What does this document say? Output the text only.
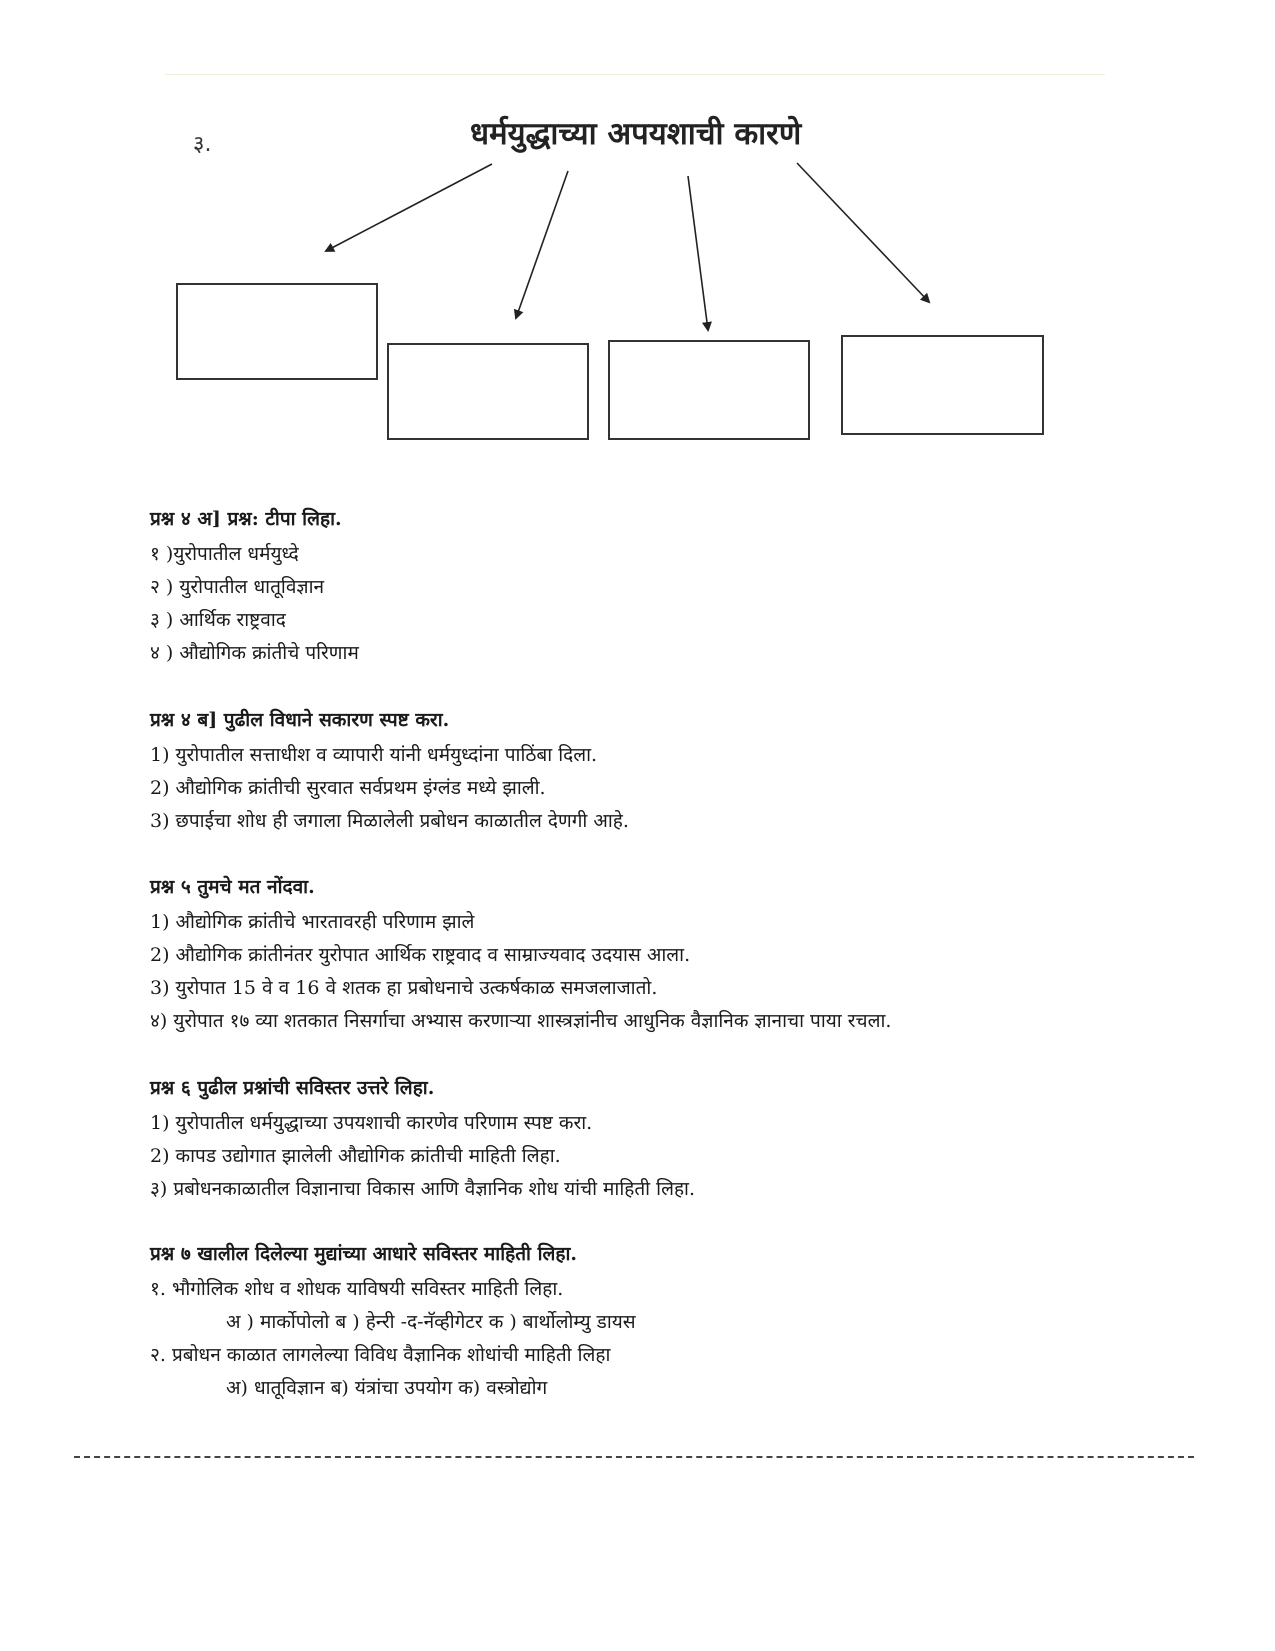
३.	धर्मयुद्धाच्या अपयशाची कारणे

प्रश्न ४ अ] प्रश्न: टीपा लिहा.

१ )युरोपातील धर्मयुध्दे

२ ) युरोपातील धातूविज्ञान

३ ) आर्थिक राष्ट्रवाद

४ ) औद्योगिक क्रांतीचे परिणाम

प्रश्न ४ ब] पुढील विधाने सकारण स्पष्ट करा.

1) युरोपातील सत्ताधीश व व्यापारी यांनी धर्मयुध्दांना पाठिंबा दिला.

2) औद्योगिक क्रांतीची सुरवात सर्वप्रथम इंग्लंड मध्ये झाली.

3) छपाईचा शोध ही जगाला मिळालेली प्रबोधन काळातील देणगी आहे.

प्रश्न ५ तुमचे मत नोंदवा.

1) औद्योगिक क्रांतीचे भारतावरही परिणाम झाले

2) औद्योगिक क्रांतीनंतर युरोपात आर्थिक राष्ट्रवाद व साम्राज्यवाद उदयास आला.

3) युरोपात 15 वे व 16 वे शतक हा प्रबोधनाचे उत्कर्षकाळ समजलाजातो.

४) युरोपात १७ व्या शतकात निसर्गाचा अभ्यास करणाऱ्या शास्त्रज्ञांनीच आधुनिक वैज्ञानिक ज्ञानाचा पाया रचला.

प्रश्न ६ पुढील प्रश्नांची सविस्तर उत्तरे लिहा.

1) युरोपातील धर्मयुद्धाच्या उपयशाची कारणेव परिणाम स्पष्ट करा.

2) कापड उद्योगात झालेली औद्योगिक क्रांतीची माहिती लिहा.

३) प्रबोधनकाळातील विज्ञानाचा विकास आणि वैज्ञानिक शोध यांची माहिती लिहा.

प्रश्न ७ खालील दिलेल्या मुद्यांच्या आधारे सविस्तर माहिती लिहा.

१. भौगोलिक शोध व शोधक याविषयी सविस्तर माहिती लिहा.

अ ) मार्कोपोलो ब ) हेन्‍री -द-नॅव्हीगेटर क ) बार्थोलोम्यु डायस

२. प्रबोधन काळात लागलेल्या विविध वैज्ञानिक शोधांची माहिती लिहा

अ) धातूविज्ञान ब) यंत्रांचा उपयोग क) वस्त्रोद्योग
